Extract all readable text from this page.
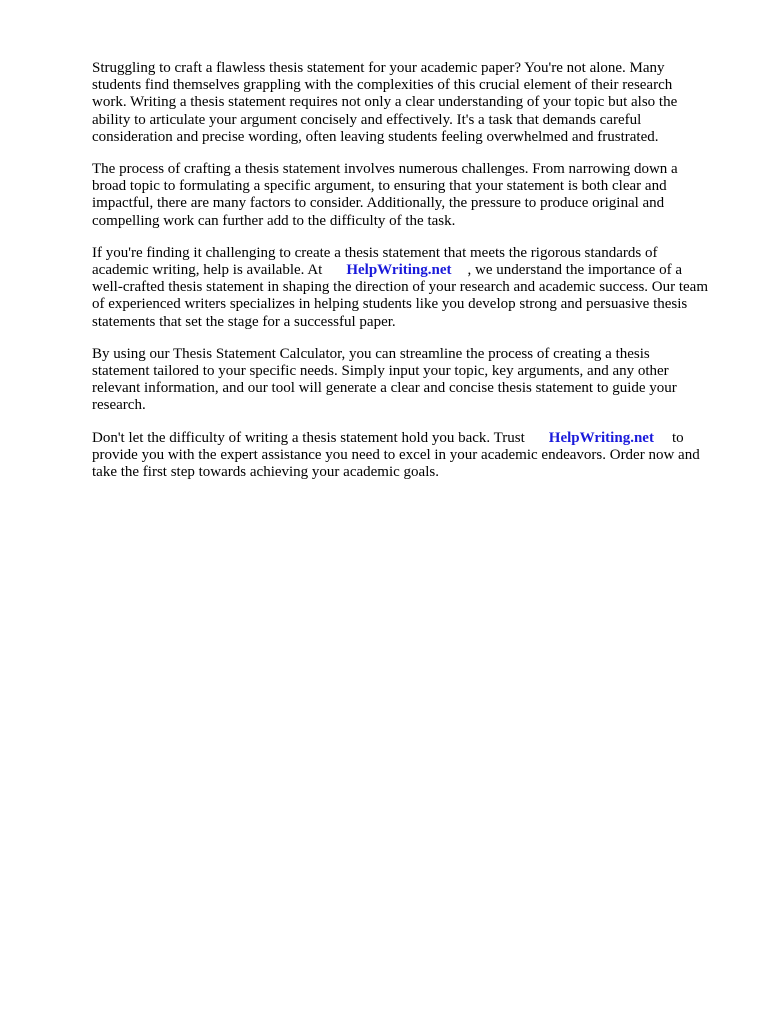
Struggling to craft a flawless thesis statement for your academic paper? You're not alone. Many students find themselves grappling with the complexities of this crucial element of their research work. Writing a thesis statement requires not only a clear understanding of your topic but also the ability to articulate your argument concisely and effectively. It's a task that demands careful consideration and precise wording, often leaving students feeling overwhelmed and frustrated.

The process of crafting a thesis statement involves numerous challenges. From narrowing down a broad topic to formulating a specific argument, to ensuring that your statement is both clear and impactful, there are many factors to consider. Additionally, the pressure to produce original and compelling work can further add to the difficulty of the task.

If you're finding it challenging to create a thesis statement that meets the rigorous standards of academic writing, help is available. At HelpWriting.net , we understand the importance of a well-crafted thesis statement in shaping the direction of your research and academic success. Our team of experienced writers specializes in helping students like you develop strong and persuasive thesis statements that set the stage for a successful paper.

By using our Thesis Statement Calculator, you can streamline the process of creating a thesis statement tailored to your specific needs. Simply input your topic, key arguments, and any other relevant information, and our tool will generate a clear and concise thesis statement to guide your research.

Don't let the difficulty of writing a thesis statement hold you back. Trust HelpWriting.net to provide you with the expert assistance you need to excel in your academic endeavors. Order now and take the first step towards achieving your academic goals.
